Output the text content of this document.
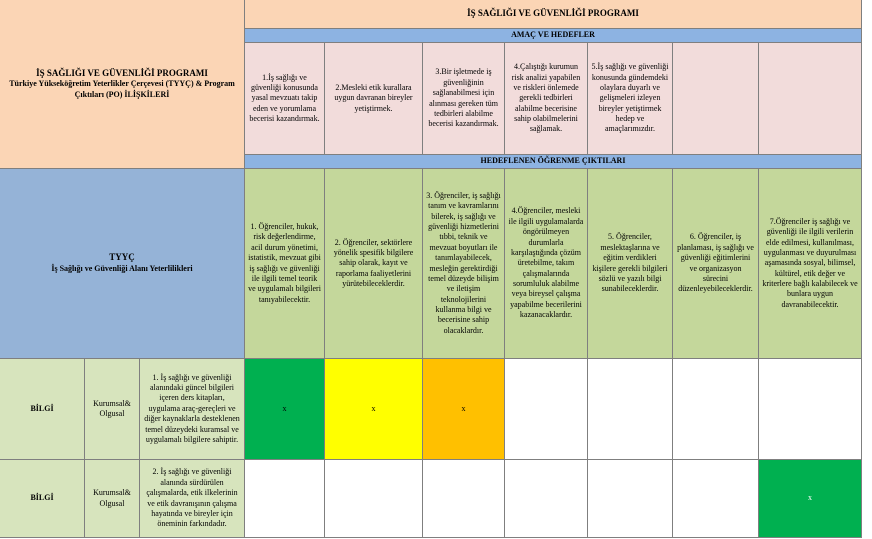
İŞ SAĞLIĞI VE GÜVENLİĞİ PROGRAMI
Türkiye Yükseköğretim Yeterlikler Çerçevesi (TYYÇ) & Program Çıktıları (PO) İLİŞKİLERİ
İŞ SAĞLIĞI VE GÜVENLİĞİ PROGRAMI
AMAÇ VE HEDEFLER
1.İş sağlığı ve güvenliği konusunda yasal mevzuatı takip eden ve yorumlama becerisi kazandırmak.
2.Mesleki etik kurallara uygun davranan bireyler yetiştirmek.
3.Bir işletmede iş güvenliğinin sağlanabilmesi için alınması gereken tüm tedbirleri alabilme becerisi kazandırmak.
4.Çalıştığı kurumun risk analizi yapabilen ve riskleri önlemede gerekli tedbirleri alabilme becerisine sahip olabilmelerini sağlamak.
5.İş sağlığı ve güvenliği konusunda gündemdeki olaylara duyarlı ve gelişmeleri izleyen bireyler yetiştirmek hedep ve amaçlarımızdır.
HEDEFLENEN ÖĞRENME ÇIKTILARI
TYYÇ
İş Sağlığı ve Güvenliği Alanı Yeterlilikleri
1. Öğrenciler, hukuk, risk değerlendirme, acil durum yönetimi, istatistik, mevzuat gibi iş sağlığı ve güvenliği ile ilgili temel teorik ve uygulamalı bilgileri tanıyabilecektir.
2. Öğrenciler, sektörlere yönelik spesifik bilgilere sahip olarak, kayıt ve raporlama faaliyetlerini yürütebileceklerdir.
3. Öğrenciler, iş sağlığı tanım ve kavramlarını bilerek, iş sağlığı ve güvenliği hizmetlerini tıbbi, teknik ve mevzuat boyutları ile tanımlayabilecek, mesleğin gerektirdiği temel düzeyde bilişim ve iletişim teknolojilerini kullanma bilgi ve becerisine sahip olacaklardır.
4.Öğrenciler, mesleki ile ilgili uygulamalarda öngörülmeyen durumlarla karşılaştığında çözüm üretebilme, takım çalışmalarında sorumluluk alabilme veya bireysel çalışma yapabilme becerilerini kazanacaklardır.
5. Öğrenciler, meslektaşlarına ve eğitim verdikleri kişilere gerekli bilgileri sözlü ve yazılı bilgi sunabileceklerdir.
6. Öğrenciler, iş planlaması, iş sağlığı ve güvenliği eğitimlerini ve organizasyon sürecini düzenleyebileceklerdir.
7.Öğrenciler iş sağlığı ve güvenliği ile ilgili verilerin elde edilmesi, kullanılması, uygulanması ve duyurulması aşamasında sosyal, bilimsel, kültürel, etik değer ve kriterlere bağlı kalabilecek ve bunlara uygun davranabilecektir.
BİLGİ
Kurumsal& Olgusal
1. İş sağlığı ve güvenliği alanındaki güncel bilgileri içeren ders kitapları, uygulama araç-gereçleri ve diğer kaynaklarla desteklenen temel düzeydeki kuramsal ve uygulamalı bilgilere sahiptir.
x	x	x
BİLGİ
Kurumsal& Olgusal
2. İş sağlığı ve güvenliği alanında sürdürülen çalışmalarda, etik ilkelerinin ve etik davranışının çalışma hayatında ve bireyler için öneminin farkındadır.
x
